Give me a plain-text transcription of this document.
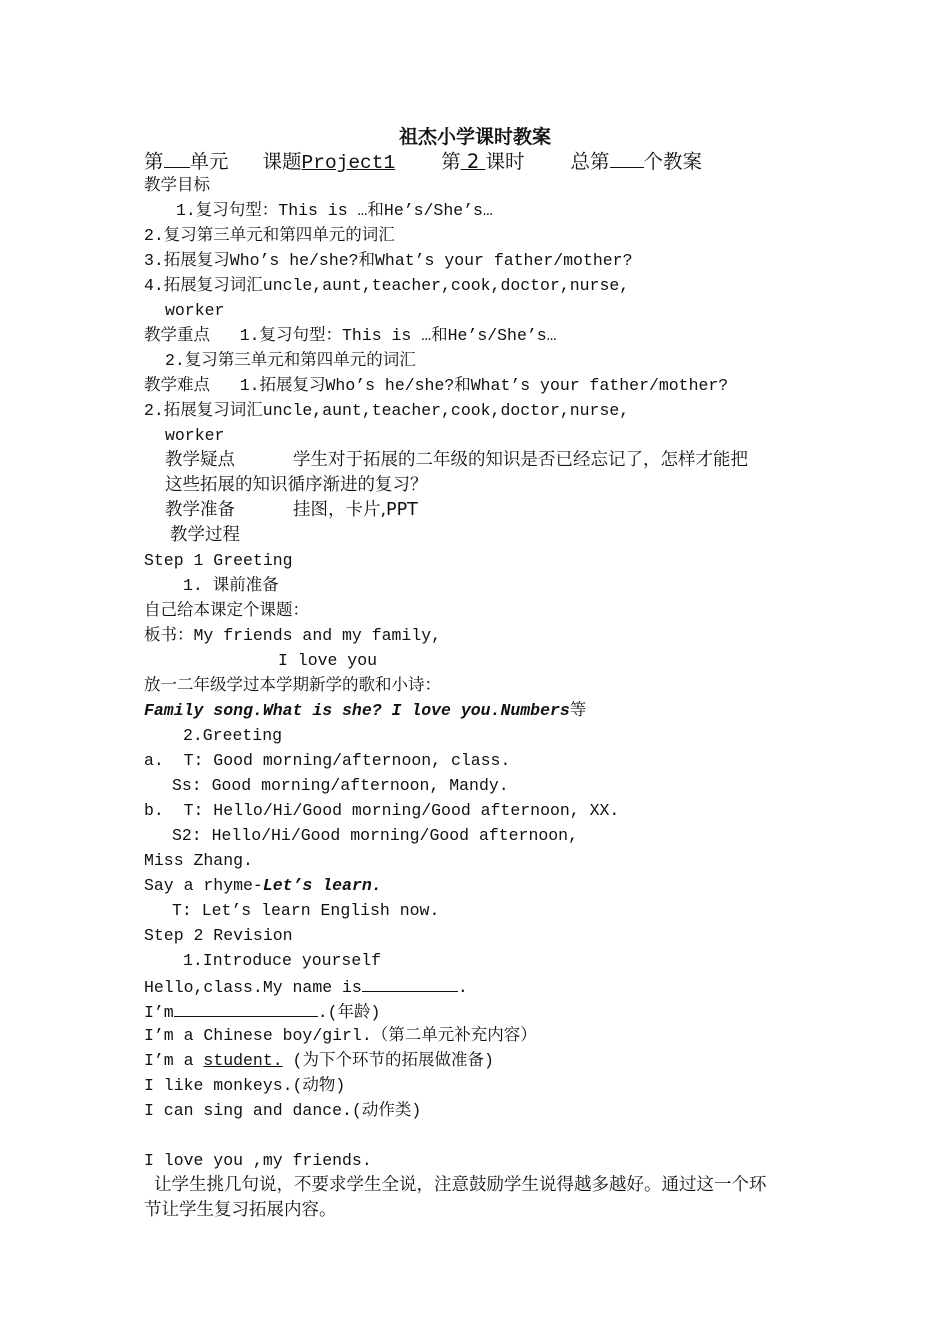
祖杰小学课时教案
第 单元 课题Project1 第 2 课时 总第 个教案
教学目标
1.复习句型：This is …和He’s/She’s…
2.复习第三单元和第四单元的词汇
3.拓展复习Who’s he/she?和What’s your father/mother?
4.拓展复习词汇uncle,aunt,teacher,cook,doctor,nurse,
worker
教学重点 1.复习句型：This is …和He’s/She’s…
2.复习第三单元和第四单元的词汇
教学难点 1.拓展复习Who’s he/she?和What’s your father/mother?
2.拓展复习词汇uncle,aunt,teacher,cook,doctor,nurse,
worker
教学疑点	学生对于拓展的二年级的知识是否已经忘记了，怎样才能把
这些拓展的知识循序渐进的复习？
教学准备	挂图，卡片,PPT
教学过程
Step 1 Greeting
1. 课前准备
自己给本课定个课题：
板书：My friends and my family,
I love you
放一二年级学过本学期新学的歌和小诗：
Family song.What is she? I love you.Numbers等
2.Greeting
a.  T: Good morning/afternoon, class.
Ss: Good morning/afternoon, Mandy.
b.  T: Hello/Hi/Good morning/Good afternoon, XX.
S2: Hello/Hi/Good morning/Good afternoon,
Miss Zhang.
Say a rhyme-Let’s learn.
T: Let’s learn English now.
Step 2 Revision
1.Introduce yourself
Hello,class.My name is	.
I’m	.(年龄)
I’m a Chinese boy/girl.（第二单元补充内容）
I’m a student. (为下个环节的拓展做准备)
I like monkeys.(动物)
I can sing and dance.(动作类)
I love you ,my friends.
让学生挑几句说，不要求学生全说，注意鼓励学生说得越多越好。通过这一个环
节让学生复习拓展内容。
